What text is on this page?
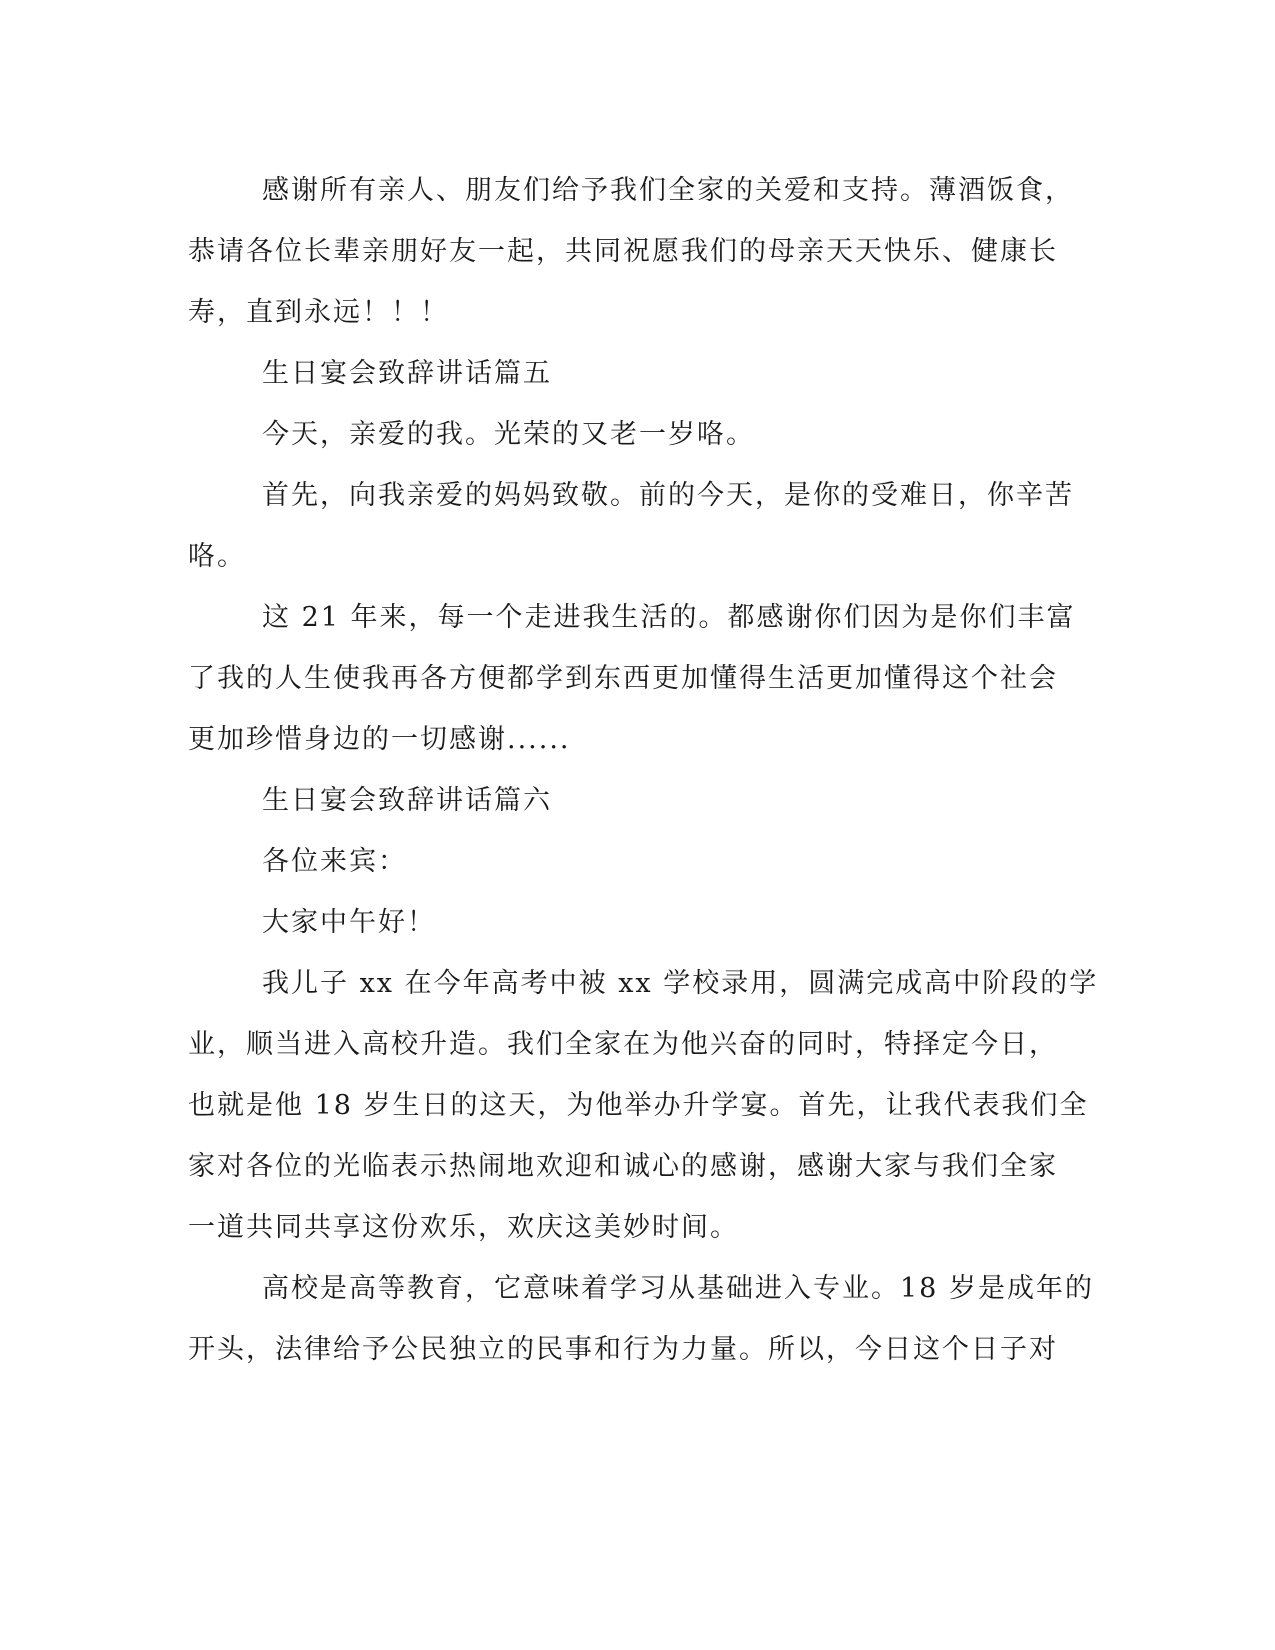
感谢所有亲人、朋友们给予我们全家的关爱和支持。薄酒饭食，
恭请各位长辈亲朋好友一起，共同祝愿我们的母亲天天快乐、健康长
寿，直到永远！！！
生日宴会致辞讲话篇五
今天，亲爱的我。光荣的又老一岁咯。
首先，向我亲爱的妈妈致敬。前的今天，是你的受难日，你辛苦
咯。
这 21 年来，每一个走进我生活的。都感谢你们因为是你们丰富
了我的人生使我再各方便都学到东西更加懂得生活更加懂得这个社会
更加珍惜身边的一切感谢......
生日宴会致辞讲话篇六
各位来宾：
大家中午好！
我儿子 xx 在今年高考中被 xx 学校录用，圆满完成高中阶段的学
业，顺当进入高校升造。我们全家在为他兴奋的同时，特择定今日，
也就是他 18 岁生日的这天，为他举办升学宴。首先，让我代表我们全
家对各位的光临表示热闹地欢迎和诚心的感谢，感谢大家与我们全家
一道共同共享这份欢乐，欢庆这美妙时间。
高校是高等教育，它意味着学习从基础进入专业。18 岁是成年的
开头，法律给予公民独立的民事和行为力量。所以，今日这个日子对
